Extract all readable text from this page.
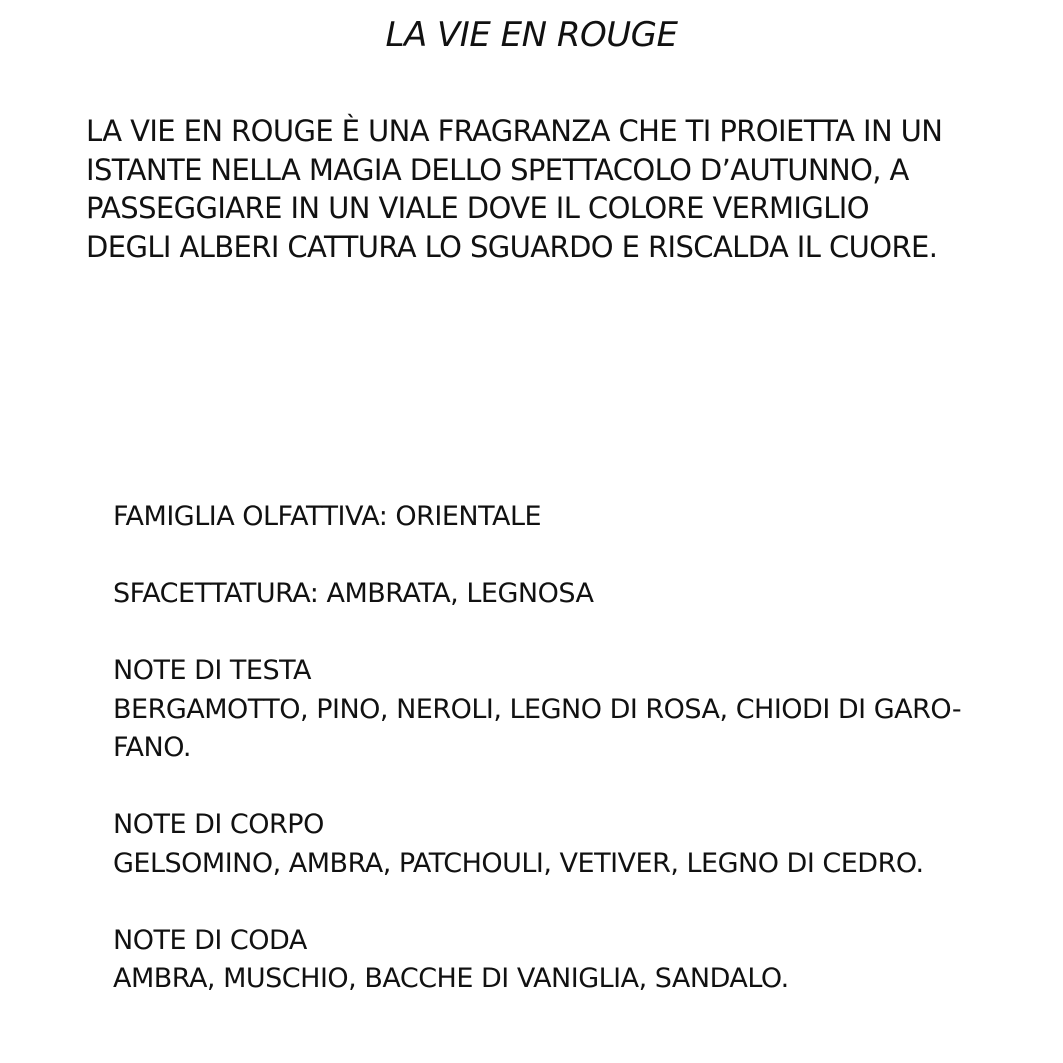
LA VIE EN ROUGE
LA VIE EN ROUGE È UNA FRAGRANZA CHE TI PROIETTA IN UN
ISTANTE NELLA MAGIA DELLO SPETTACOLO D’AUTUNNO, A
PASSEGGIARE IN UN VIALE DOVE IL COLORE VERMIGLIO
DEGLI ALBERI CATTURA LO SGUARDO E RISCALDA IL CUORE.
FAMIGLIA OLFATTIVA: ORIENTALE
SFACETTATURA: AMBRATA, LEGNOSA
NOTE DI TESTA
BERGAMOTTO, PINO, NEROLI, LEGNO DI ROSA, CHIODI DI GARO-
FANO.
NOTE DI CORPO
GELSOMINO, AMBRA, PATCHOULI, VETIVER, LEGNO DI CEDRO.
NOTE DI CODA
AMBRA, MUSCHIO, BACCHE DI VANIGLIA, SANDALO.
